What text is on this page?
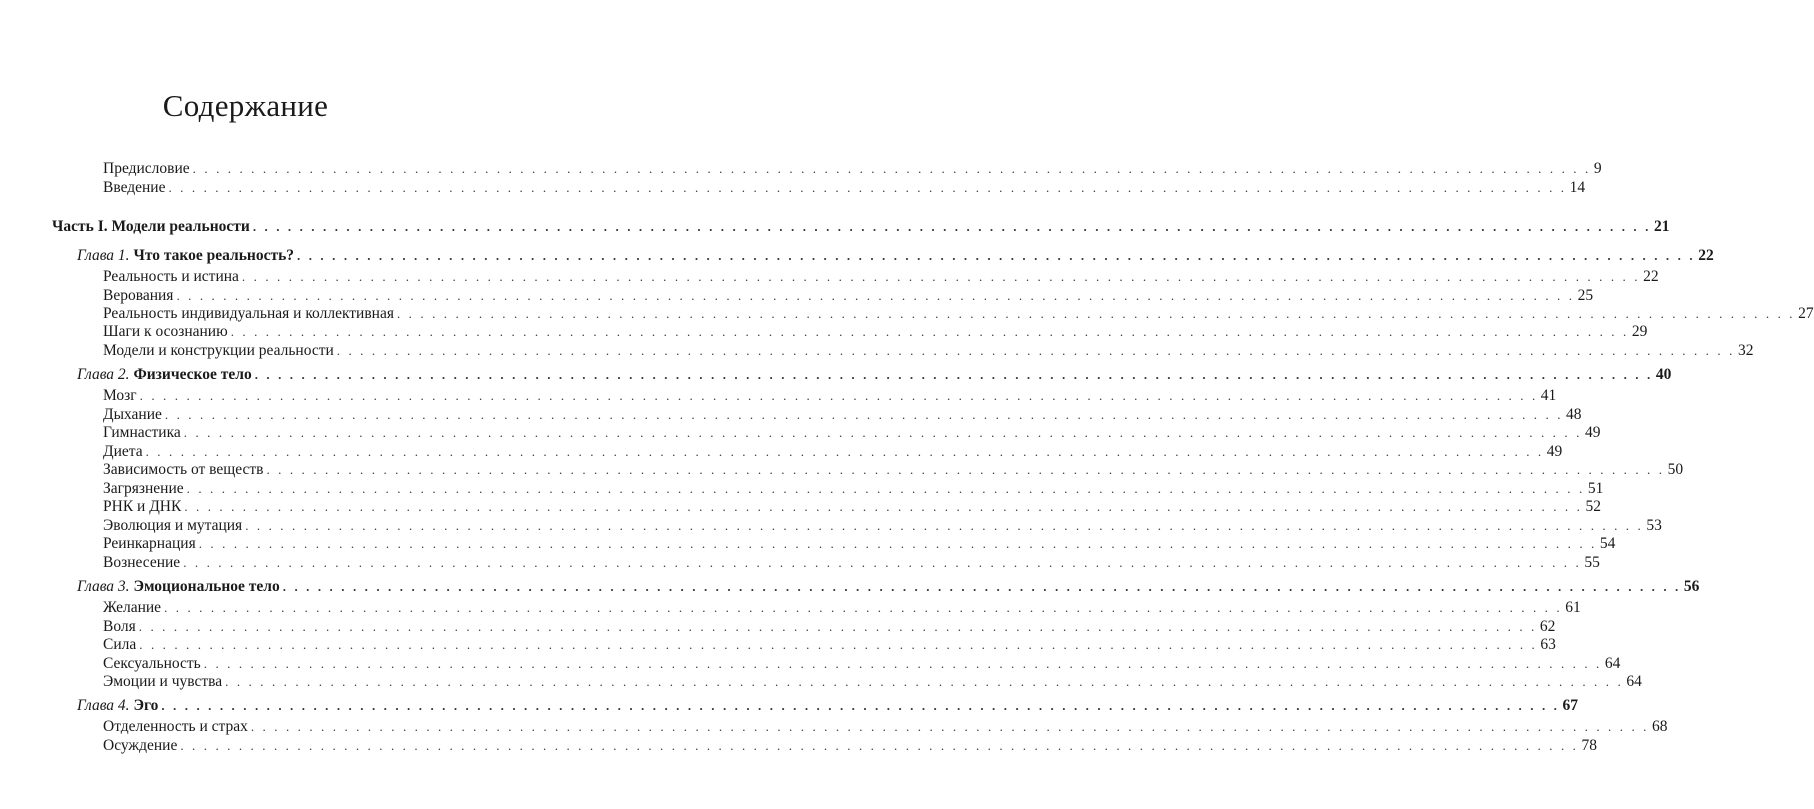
Содержание
Предисловие . . . . . . . . . . . . . . . . . . . . . . . . . . . . . . . . . . . . . . . . . . . . . . . . . . . . . . . . . . . . . . . . . . . . . . . . . . . . . . . . . . . . . . . . . . . . . . . . . . . . . . . . . . . . . . . . . . . . . . . . 9
Введение . . . . . . . . . . . . . . . . . . . . . . . . . . . . . . . . . . . . . . . . . . . . . . . . . . . . . . . . . . . . . . . . . . . . . . . . . . . . . . . . . . . . . . . . . . . . . . . . . . . . . . . . . . . . . . . . . . . . . . . . 14
Часть I. Модели реальности . . . . . . . . . . . . . . . . . . . . . . . . . . . . . . . . . . . . . . . . . . . . . . . . . . . . . . . . . . . . . . . . . . . . . . . . . . . . . . . . . . . . . . . . . . . . . . . . . . . . . . . . . . . . . . . . . . . . . . . . 21
Глава 1. Что такое реальность? . . . . . . . . . . . . . . . . . . . . . . . . . . . . . . . . . . . . . . . . . . . . . . . . . . . . . . . . . . . . . . . . . . . . . . . . . . . . . . . . . . . . . . . . . . . . . . . . . . . . . . . . . . . . . . . . . . . . . . . . 22
Реальность и истина . . . . . . . . . . . . . . . . . . . . . . . . . . . . . . . . . . . . . . . . . . . . . . . . . . . . . . . . . . . . . . . . . . . . . . . . . . . . . . . . . . . . . . . . . . . . . . . . . . . . . . . . . . . . . . . . . . . . . . . . 22
Верования . . . . . . . . . . . . . . . . . . . . . . . . . . . . . . . . . . . . . . . . . . . . . . . . . . . . . . . . . . . . . . . . . . . . . . . . . . . . . . . . . . . . . . . . . . . . . . . . . . . . . . . . . . . . . . . . . . . . . . . . 25
Реальность индивидуальная и коллективная . . . . . . . . . . . . . . . . . . . . . . . . . . . . . . . . . . . . . . . . . . . . . . . . . . . . . . . . . . . . . . . . . . . . . . . . . . . . . . . . . . . . . . . . . . . . . . . . . . . . . . . . . . . . . . . . . . . . . . . . 27
Шаги к осознанию . . . . . . . . . . . . . . . . . . . . . . . . . . . . . . . . . . . . . . . . . . . . . . . . . . . . . . . . . . . . . . . . . . . . . . . . . . . . . . . . . . . . . . . . . . . . . . . . . . . . . . . . . . . . . . . . . . . . . . . . 29
Модели и конструкции реальности . . . . . . . . . . . . . . . . . . . . . . . . . . . . . . . . . . . . . . . . . . . . . . . . . . . . . . . . . . . . . . . . . . . . . . . . . . . . . . . . . . . . . . . . . . . . . . . . . . . . . . . . . . . . . . . . . . . . . . . . 32
Глава 2. Физическое тело . . . . . . . . . . . . . . . . . . . . . . . . . . . . . . . . . . . . . . . . . . . . . . . . . . . . . . . . . . . . . . . . . . . . . . . . . . . . . . . . . . . . . . . . . . . . . . . . . . . . . . . . . . . . . . . . . . . . . . . . 40
Мозг . . . . . . . . . . . . . . . . . . . . . . . . . . . . . . . . . . . . . . . . . . . . . . . . . . . . . . . . . . . . . . . . . . . . . . . . . . . . . . . . . . . . . . . . . . . . . . . . . . . . . . . . . . . . . . . . . . . . . . . . 41
Дыхание . . . . . . . . . . . . . . . . . . . . . . . . . . . . . . . . . . . . . . . . . . . . . . . . . . . . . . . . . . . . . . . . . . . . . . . . . . . . . . . . . . . . . . . . . . . . . . . . . . . . . . . . . . . . . . . . . . . . . . . . 48
Гимнастика . . . . . . . . . . . . . . . . . . . . . . . . . . . . . . . . . . . . . . . . . . . . . . . . . . . . . . . . . . . . . . . . . . . . . . . . . . . . . . . . . . . . . . . . . . . . . . . . . . . . . . . . . . . . . . . . . . . . . . . . 49
Диета . . . . . . . . . . . . . . . . . . . . . . . . . . . . . . . . . . . . . . . . . . . . . . . . . . . . . . . . . . . . . . . . . . . . . . . . . . . . . . . . . . . . . . . . . . . . . . . . . . . . . . . . . . . . . . . . . . . . . . . . 49
Зависимость от веществ . . . . . . . . . . . . . . . . . . . . . . . . . . . . . . . . . . . . . . . . . . . . . . . . . . . . . . . . . . . . . . . . . . . . . . . . . . . . . . . . . . . . . . . . . . . . . . . . . . . . . . . . . . . . . . . . . . . . . . . . 50
Загрязнение . . . . . . . . . . . . . . . . . . . . . . . . . . . . . . . . . . . . . . . . . . . . . . . . . . . . . . . . . . . . . . . . . . . . . . . . . . . . . . . . . . . . . . . . . . . . . . . . . . . . . . . . . . . . . . . . . . . . . . . . 51
РНК и ДНК . . . . . . . . . . . . . . . . . . . . . . . . . . . . . . . . . . . . . . . . . . . . . . . . . . . . . . . . . . . . . . . . . . . . . . . . . . . . . . . . . . . . . . . . . . . . . . . . . . . . . . . . . . . . . . . . . . . . . . . . 52
Эволюция и мутация . . . . . . . . . . . . . . . . . . . . . . . . . . . . . . . . . . . . . . . . . . . . . . . . . . . . . . . . . . . . . . . . . . . . . . . . . . . . . . . . . . . . . . . . . . . . . . . . . . . . . . . . . . . . . . . . . . . . . . . . 53
Реинкарнация . . . . . . . . . . . . . . . . . . . . . . . . . . . . . . . . . . . . . . . . . . . . . . . . . . . . . . . . . . . . . . . . . . . . . . . . . . . . . . . . . . . . . . . . . . . . . . . . . . . . . . . . . . . . . . . . . . . . . . . . 54
Вознесение . . . . . . . . . . . . . . . . . . . . . . . . . . . . . . . . . . . . . . . . . . . . . . . . . . . . . . . . . . . . . . . . . . . . . . . . . . . . . . . . . . . . . . . . . . . . . . . . . . . . . . . . . . . . . . . . . . . . . . . . 55
Глава 3. Эмоциональное тело . . . . . . . . . . . . . . . . . . . . . . . . . . . . . . . . . . . . . . . . . . . . . . . . . . . . . . . . . . . . . . . . . . . . . . . . . . . . . . . . . . . . . . . . . . . . . . . . . . . . . . . . . . . . . . . . . . . . . . . . 56
Желание . . . . . . . . . . . . . . . . . . . . . . . . . . . . . . . . . . . . . . . . . . . . . . . . . . . . . . . . . . . . . . . . . . . . . . . . . . . . . . . . . . . . . . . . . . . . . . . . . . . . . . . . . . . . . . . . . . . . . . . . 61
Воля . . . . . . . . . . . . . . . . . . . . . . . . . . . . . . . . . . . . . . . . . . . . . . . . . . . . . . . . . . . . . . . . . . . . . . . . . . . . . . . . . . . . . . . . . . . . . . . . . . . . . . . . . . . . . . . . . . . . . . . . 62
Сила . . . . . . . . . . . . . . . . . . . . . . . . . . . . . . . . . . . . . . . . . . . . . . . . . . . . . . . . . . . . . . . . . . . . . . . . . . . . . . . . . . . . . . . . . . . . . . . . . . . . . . . . . . . . . . . . . . . . . . . . 63
Сексуальность . . . . . . . . . . . . . . . . . . . . . . . . . . . . . . . . . . . . . . . . . . . . . . . . . . . . . . . . . . . . . . . . . . . . . . . . . . . . . . . . . . . . . . . . . . . . . . . . . . . . . . . . . . . . . . . . . . . . . . . . 64
Эмоции и чувства . . . . . . . . . . . . . . . . . . . . . . . . . . . . . . . . . . . . . . . . . . . . . . . . . . . . . . . . . . . . . . . . . . . . . . . . . . . . . . . . . . . . . . . . . . . . . . . . . . . . . . . . . . . . . . . . . . . . . . . . 64
Глава 4. Эго . . . . . . . . . . . . . . . . . . . . . . . . . . . . . . . . . . . . . . . . . . . . . . . . . . . . . . . . . . . . . . . . . . . . . . . . . . . . . . . . . . . . . . . . . . . . . . . . . . . . . . . . . . . . . . . . . . . . . . . . 67
Отделенность и страх . . . . . . . . . . . . . . . . . . . . . . . . . . . . . . . . . . . . . . . . . . . . . . . . . . . . . . . . . . . . . . . . . . . . . . . . . . . . . . . . . . . . . . . . . . . . . . . . . . . . . . . . . . . . . . . . . . . . . . . . 68
Осуждение . . . . . . . . . . . . . . . . . . . . . . . . . . . . . . . . . . . . . . . . . . . . . . . . . . . . . . . . . . . . . . . . . . . . . . . . . . . . . . . . . . . . . . . . . . . . . . . . . . . . . . . . . . . . . . . . . . . . . . . . 78
